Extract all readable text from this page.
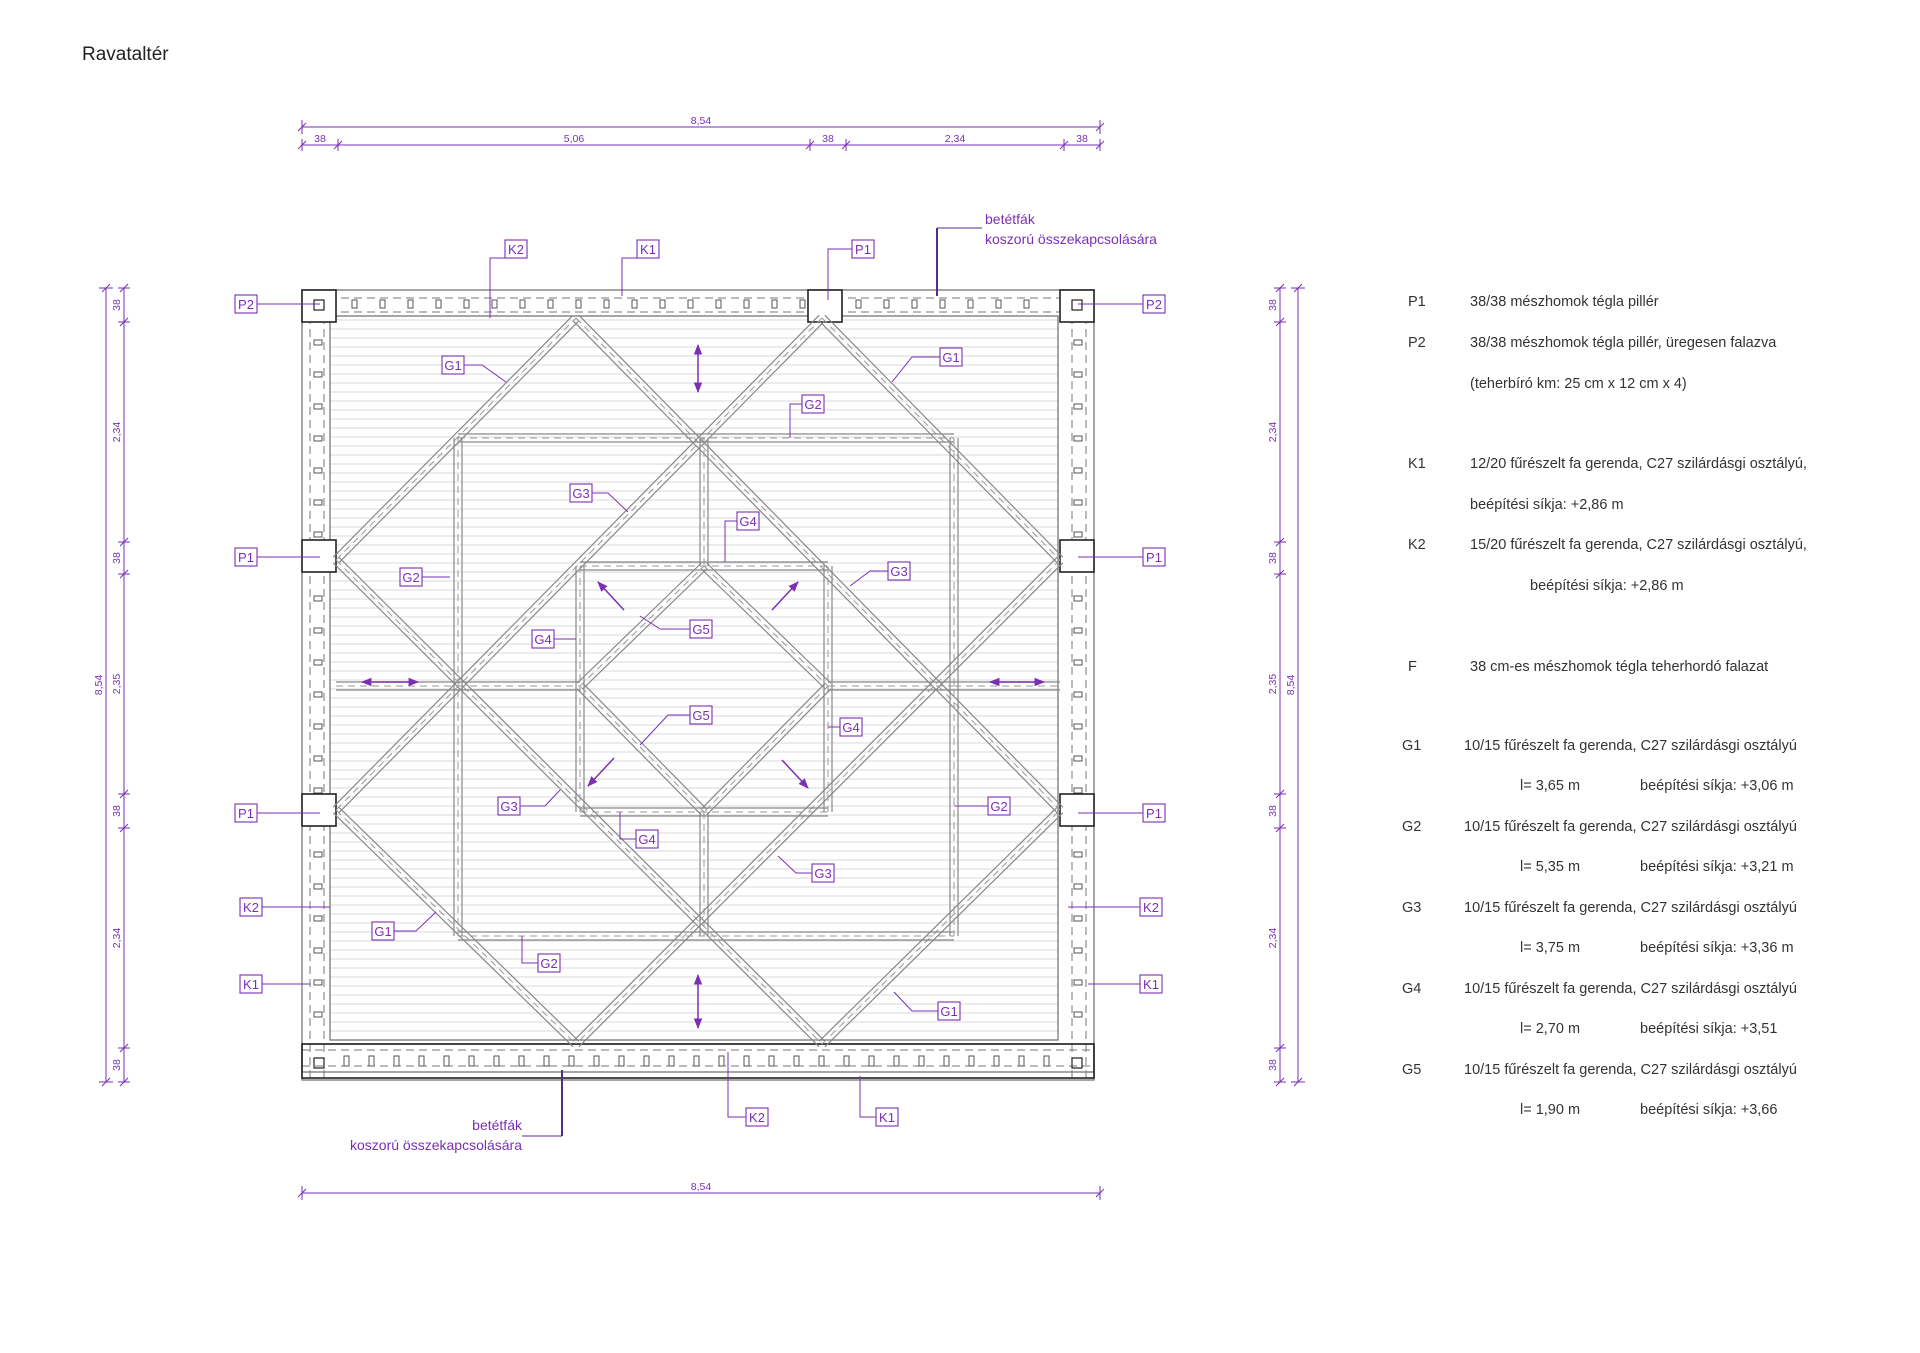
Ravataltér
8,54
38	5,06	38	2,34	38
8,54
8,54
38
2,34
38
2,35
38
2,34
38
8,54
38
2,34
38
2,35
38
2,34
38
K2	K1	P1
P2	P2
G1
G1
G2
G3
G4
G2	G3
P1	P1
G4
G5
G5
G4
G3	G2
G4
G3
P1	P1
K2	K2
G1
G2
K1	K1
G1
K2	K1
betétfák
koszorú összekapcsolására
betétfák
koszorú összekapcsolására
P1	38/38 mészhomok tégla pillér
P2	38/38 mészhomok tégla pillér, üregesen falazva
(teherbíró km: 25 cm x 12 cm x 4)
K1	12/20 fűrészelt fa gerenda, C27 szilárdásgi osztályú,
beépítési síkja: +2,86 m
K2	15/20 fűrészelt fa gerenda, C27 szilárdásgi osztályú,
beépítési síkja: +2,86 m
F	38 cm-es mészhomok tégla teherhordó falazat
G1	10/15 fűrészelt fa gerenda, C27 szilárdásgi osztályú
l= 3,65 m	beépítési síkja: +3,06 m
G2	10/15 fűrészelt fa gerenda, C27 szilárdásgi osztályú
l= 5,35 m	beépítési síkja: +3,21 m
G3	10/15 fűrészelt fa gerenda, C27 szilárdásgi osztályú
l= 3,75 m	beépítési síkja: +3,36 m
G4	10/15 fűrészelt fa gerenda, C27 szilárdásgi osztályú
l= 2,70 m	beépítési síkja: +3,51
G5	10/15 fűrészelt fa gerenda, C27 szilárdásgi osztályú
l= 1,90 m	beépítési síkja: +3,66
